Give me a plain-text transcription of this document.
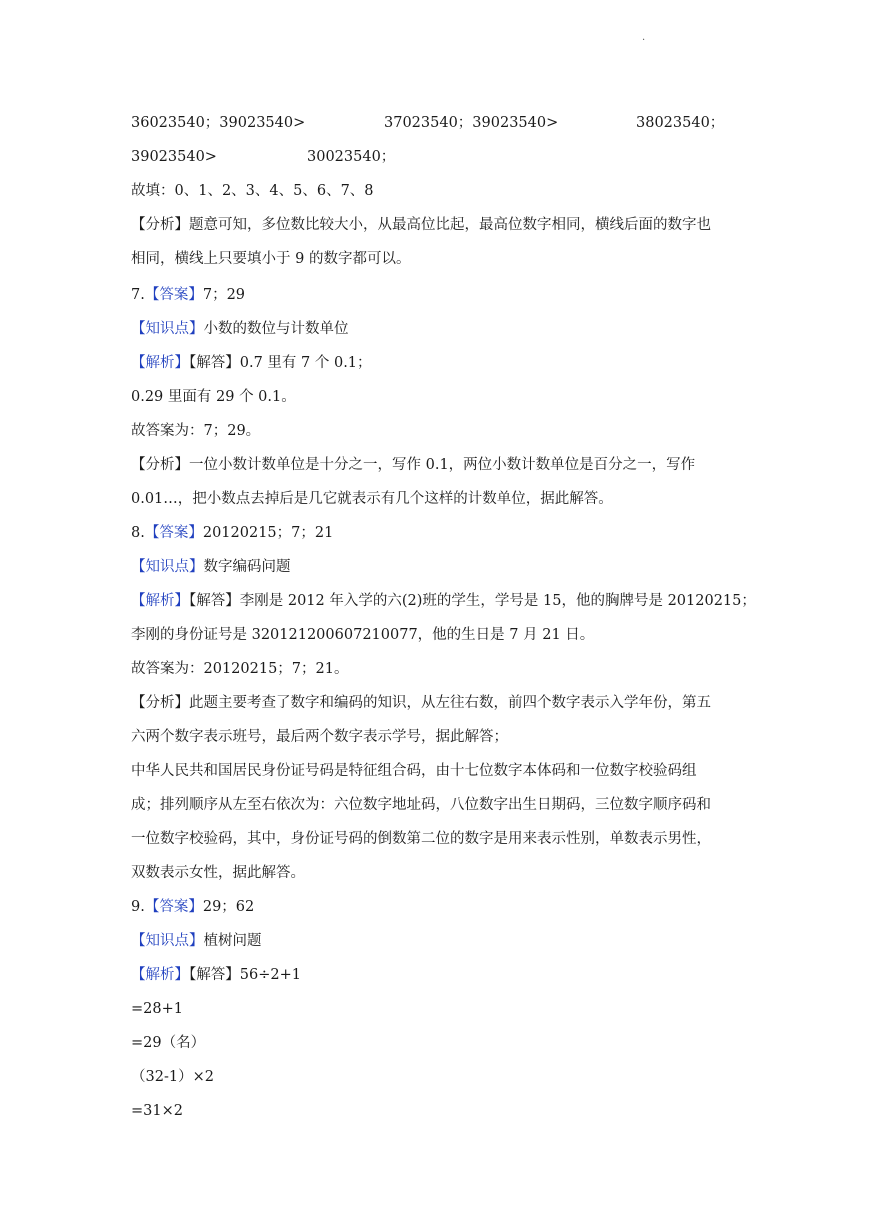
.
36023540；39023540>	37023540；39023540>	38023540；
39023540>	30023540；
故填：0、1、2、3、4、5、6、7、8
【分析】题意可知，多位数比较大小，从最高位比起，最高位数字相同，横线后面的数字也
相同，横线上只要填小于 9 的数字都可以。
7.【答案】7；29
【知识点】小数的数位与计数单位
【解析】【解答】0.7 里有 7 个 0.1；
0.29 里面有 29 个 0.1。
故答案为：7；29。
【分析】一位小数计数单位是十分之一，写作 0.1，两位小数计数单位是百分之一，写作
0.01…，把小数点去掉后是几它就表示有几个这样的计数单位，据此解答。
8.【答案】20120215；7；21
【知识点】数字编码问题
【解析】【解答】李刚是 2012 年入学的六(2)班的学生，学号是 15，他的胸牌号是 20120215；
李刚的身份证号是 320121200607210077，他的生日是 7 月 21 日。
故答案为：20120215；7；21。
【分析】此题主要考查了数字和编码的知识，从左往右数，前四个数字表示入学年份，第五
六两个数字表示班号，最后两个数字表示学号，据此解答；
中华人民共和国居民身份证号码是特征组合码，由十七位数字本体码和一位数字校验码组
成；排列顺序从左至右依次为：六位数字地址码，八位数字出生日期码，三位数字顺序码和
一位数字校验码，其中，身份证号码的倒数第二位的数字是用来表示性别，单数表示男性，
双数表示女性，据此解答。
9.【答案】29；62
【知识点】植树问题
【解析】【解答】56÷2+1
=28+1
=29（名）
（32-1）×2
=31×2
